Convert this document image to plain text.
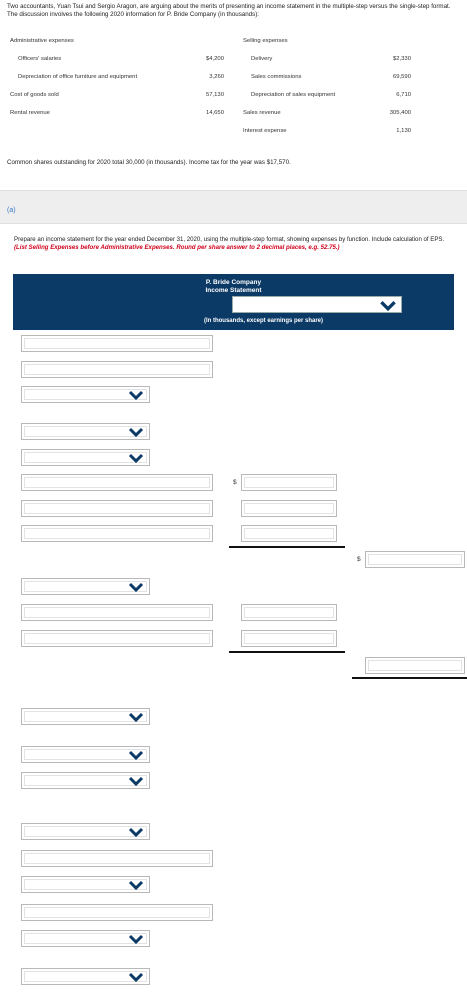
Two accountants, Yuan Tsui and Sergio Aragon, are arguing about the merits of presenting an income statement in the multiple-step versus the single-step format. The discussion involves the following 2020 information for P. Bride Company (in thousands):
Administrative expenses
Officers' salaries	$4,200
Depreciation of office furniture and equipment	3,260
Cost of goods sold	57,130
Rental revenue	14,650
Selling expenses
Delivery	$2,330
Sales commissions	69,590
Depreciation of sales equipment	6,710
Sales revenue	305,400
Interest expense	1,130
Common shares outstanding for 2020 total 30,000 (in thousands). Income tax for the year was $17,570.
(a)
Prepare an income statement for the year ended December 31, 2020, using the multiple-step format, showing expenses by function. Include calculation of EPS. (List Selling Expenses before Administrative Expenses. Round per share answer to 2 decimal places, e.g. 52.75.)
P. Bride Company
Income Statement
(In thousands, except earnings per share)
$
$
